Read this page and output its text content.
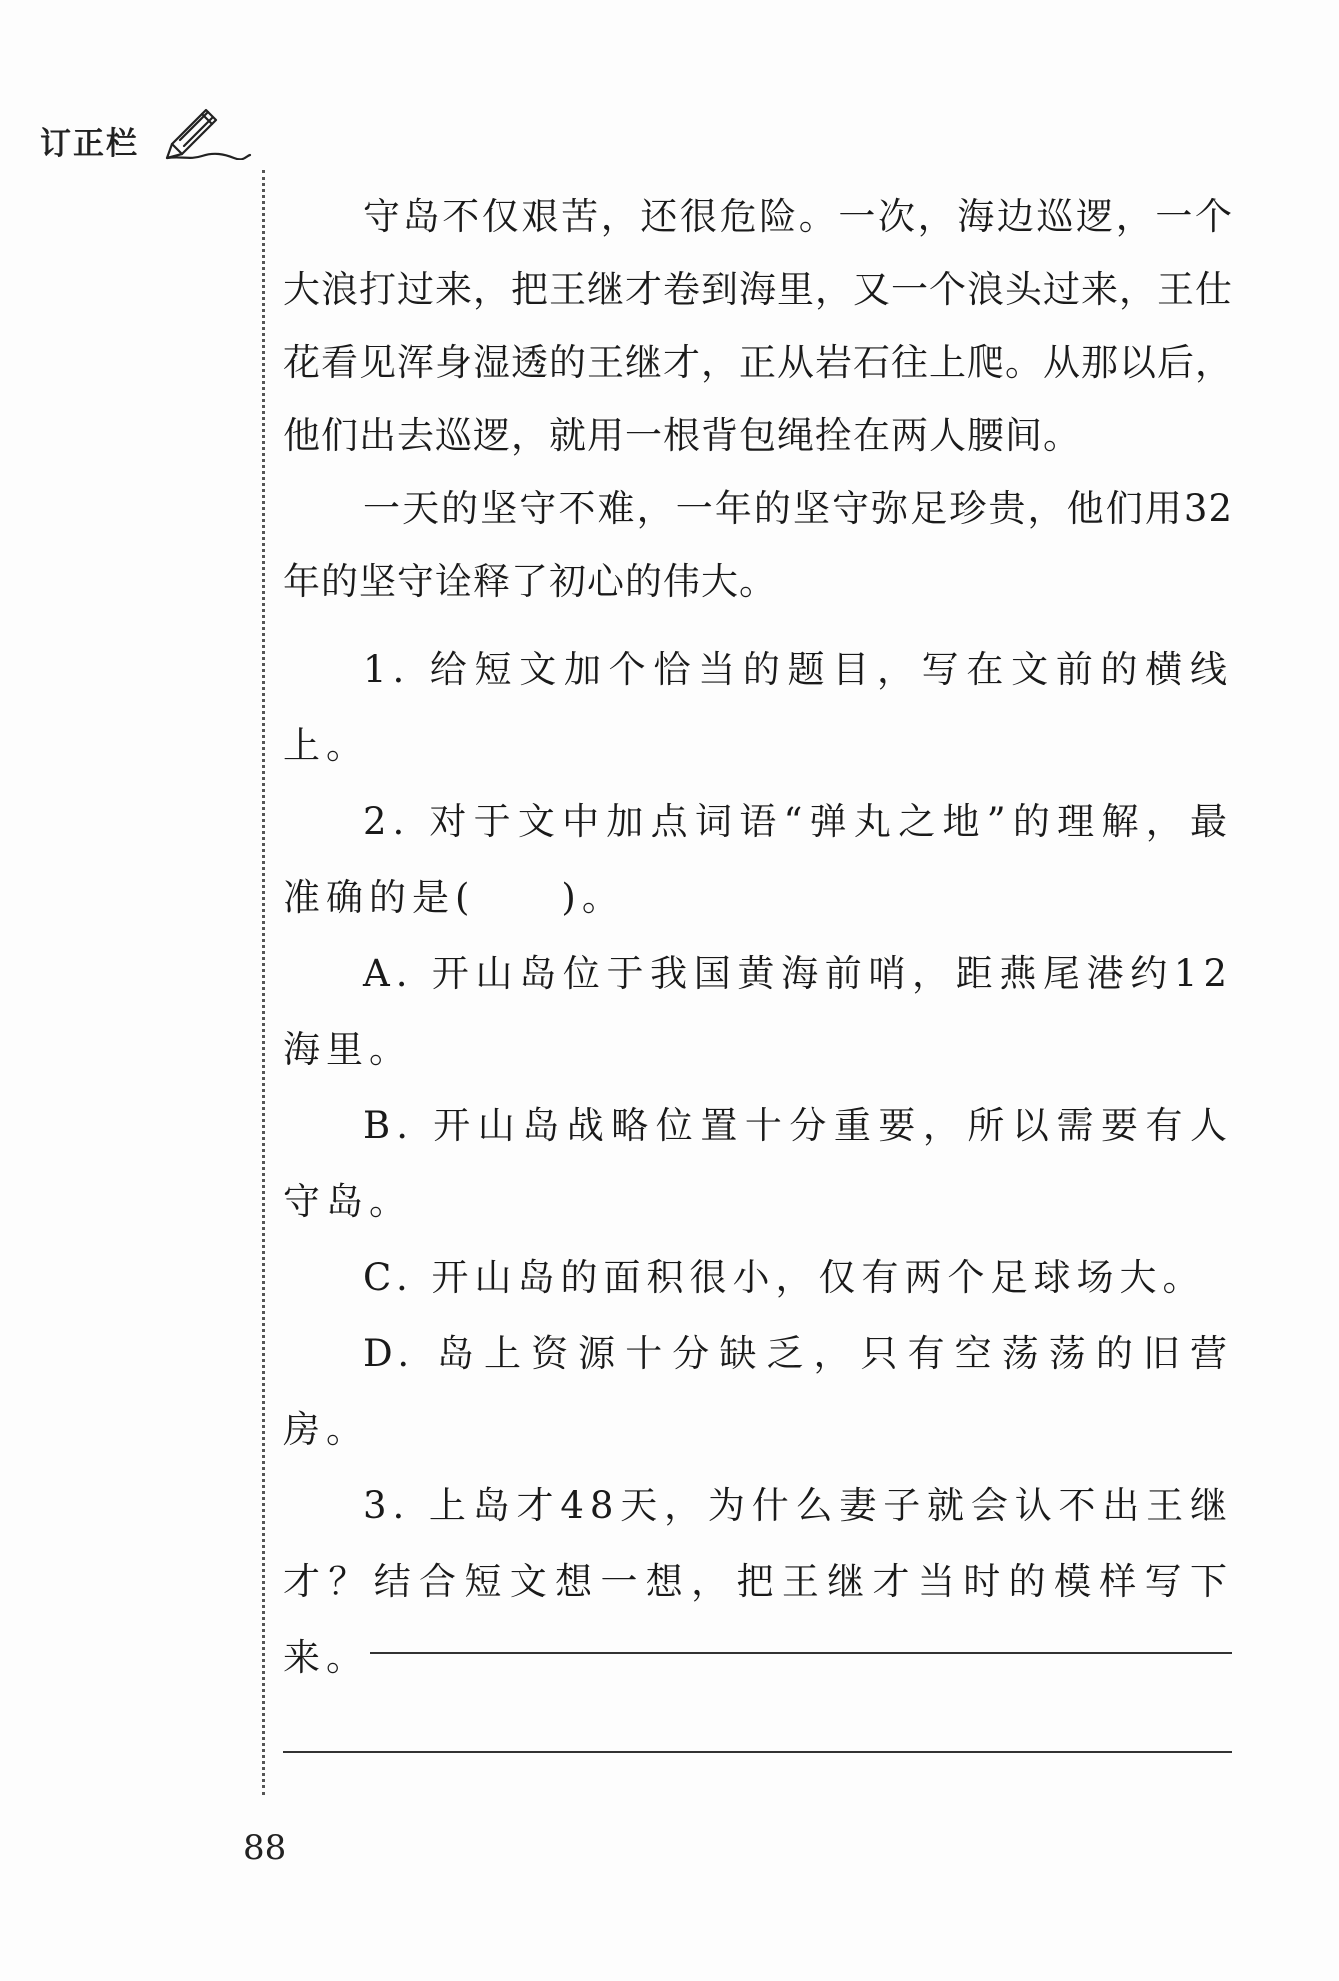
订正栏

守岛不仅艰苦，还很危险。一次，海边巡逻，一个大浪打过来，把王继才卷到海里，又一个浪头过来，王仕花看见浑身湿透的王继才，正从岩石往上爬。从那以后，他们出去巡逻，就用一根背包绳拴在两人腰间。

一天的坚守不难，一年的坚守弥足珍贵，他们用32年的坚守诠释了初心的伟大。

1. 给短文加个恰当的题目，写在文前的横线上。

2. 对于文中加点词语“弹丸之地”的理解，最准确的是(　　)。

A. 开山岛位于我国黄海前哨，距燕尾港约12海里。

B. 开山岛战略位置十分重要，所以需要有人守岛。

C. 开山岛的面积很小，仅有两个足球场大。

D. 岛上资源十分缺乏，只有空荡荡的旧营房。

3. 上岛才48天，为什么妻子就会认不出王继才？结合短文想一想，把王继才当时的模样写下来。

88
